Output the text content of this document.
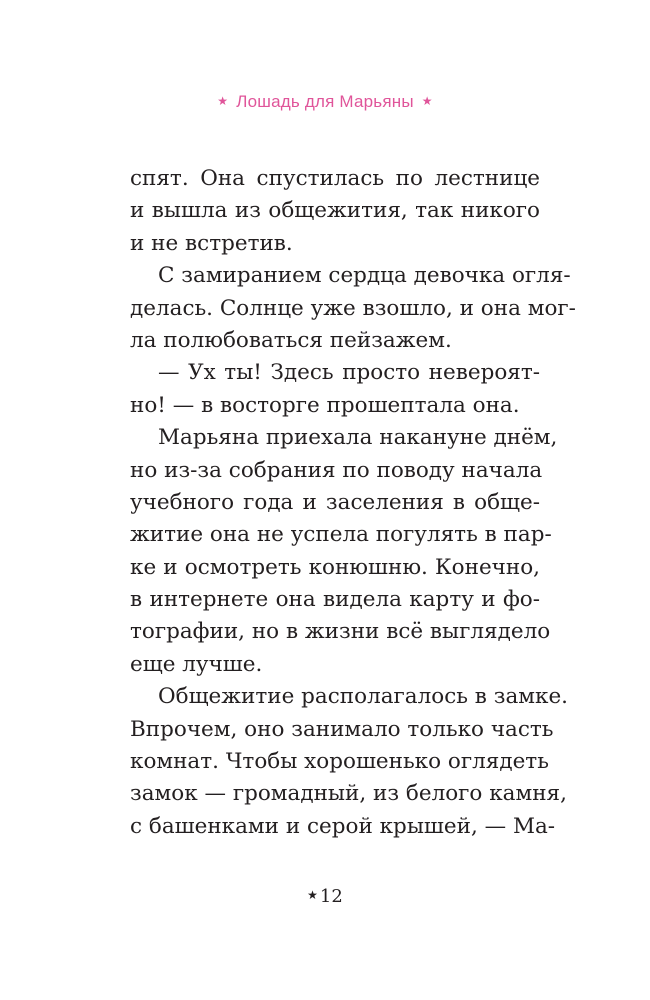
★ Лошадь для Марьяны ★
спят. Она спустилась по лестнице
и вышла из общежития, так никого
и не встретив.
С замиранием сердца девочка огля-
делась. Солнце уже взошло, и она мог-
ла полюбоваться пейзажем.
— Ух ты! Здесь просто невероят-
но! — в восторге прошептала она.
Марьяна приехала накануне днём,
но из-за собрания по поводу начала
учебного года и заселения в обще-
житие она не успела погулять в пар-
ке и осмотреть конюшню. Конечно,
в интернете она видела карту и фо-
тографии, но в жизни всё выглядело
еще лучше.
Общежитие располагалось в замке.
Впрочем, оно занимало только часть
комнат. Чтобы хорошенько оглядеть
замок — громадный, из белого камня,
с башенками и серой крышей, — Ма-
★ 12
